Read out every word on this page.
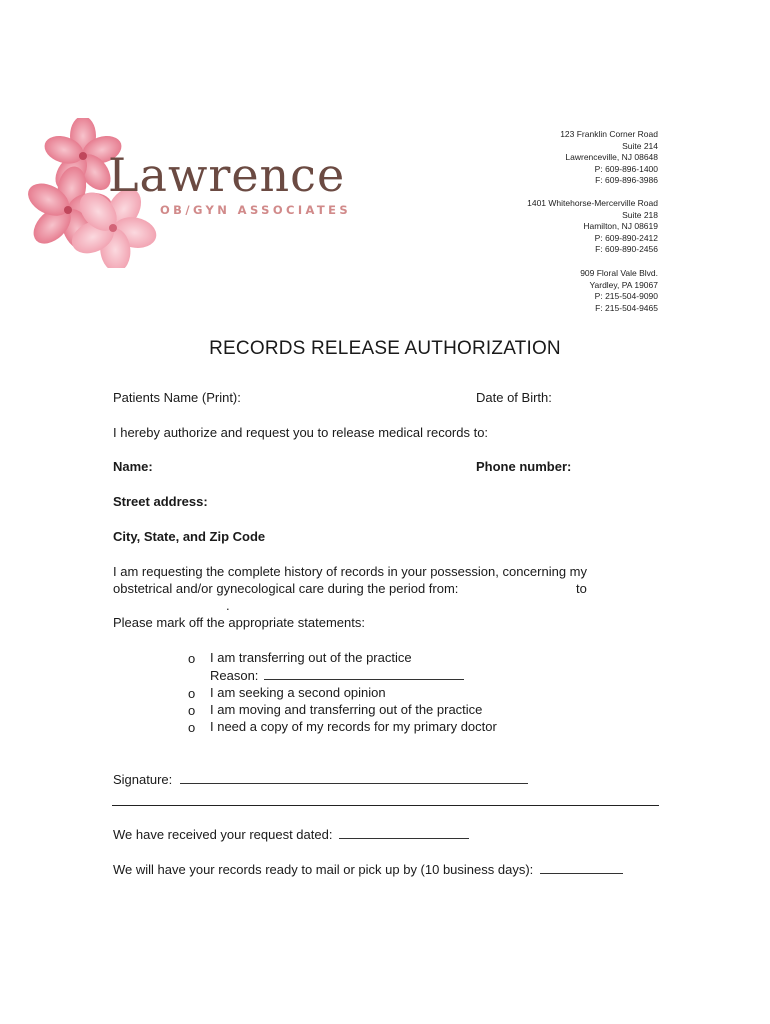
Lawrence
OB/GYN ASSOCIATES
123 Franklin Corner Road
Suite 214
Lawrenceville, NJ 08648
P: 609-896-1400
F: 609-896-3986
1401 Whitehorse-Mercerville Road
Suite 218
Hamilton, NJ 08619
P: 609-890-2412
F: 609-890-2456
909 Floral Vale Blvd.
Yardley, PA 19067
P: 215-504-9090
F: 215-504-9465
RECORDS RELEASE AUTHORIZATION
Patients Name (Print):	Date of Birth:
I hereby authorize and request you to release medical records to:
Name:	Phone number:
Street address:
City, State, and Zip Code
I am requesting the complete history of records in your possession, concerning my
obstetrical and/or gynecological care during the period from:	to
.
Please mark off the appropriate statements:
o I am transferring out of the practice
Reason:
o I am seeking a second opinion
o I am moving and transferring out of the practice
o I need a copy of my records for my primary doctor
Signature:
We have received your request dated:
We will have your records ready to mail or pick up by (10 business days):
